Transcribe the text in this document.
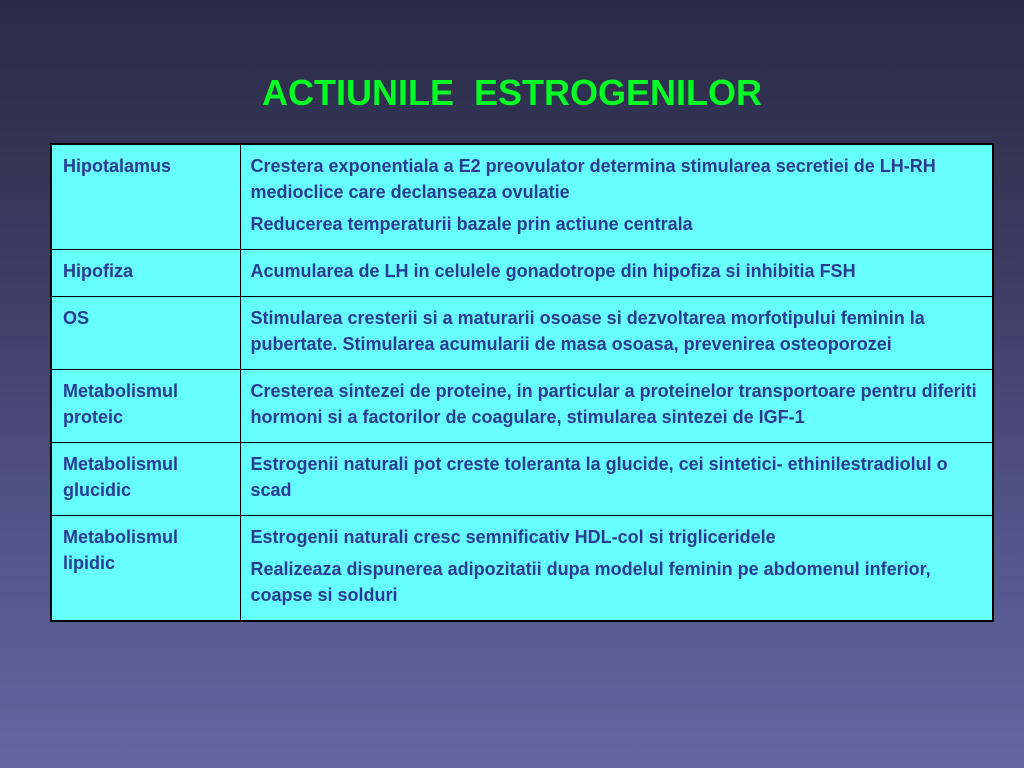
ACTIUNILE  ESTROGENILOR
Hipotalamus	Crestera exponentiala a E2 preovulator determina stimularea secretiei de LH-RH medioclice care declanseaza ovulatie

Reducerea temperaturii bazale prin actiune centrala

Hipofiza	Acumularea de LH in celulele gonadotrope din hipofiza si inhibitia FSH

OS	Stimularea cresterii si a maturarii osoase si dezvoltarea morfotipului feminin la pubertate. Stimularea acumularii de masa osoasa, prevenirea osteoporozei

Metabolismul proteic	Cresterea sintezei de proteine, in particular a proteinelor transportoare pentru diferiti hormoni si a factorilor de coagulare, stimularea sintezei de IGF-1

Metabolismul glucidic	Estrogenii naturali pot creste toleranta la glucide, cei sintetici- ethinilestradiolul o scad

Metabolismul lipidic	Estrogenii naturali cresc semnificativ HDL-col si trigliceridele

Realizeaza dispunerea adipozitatii dupa modelul feminin pe abdomenul inferior, coapse si solduri
